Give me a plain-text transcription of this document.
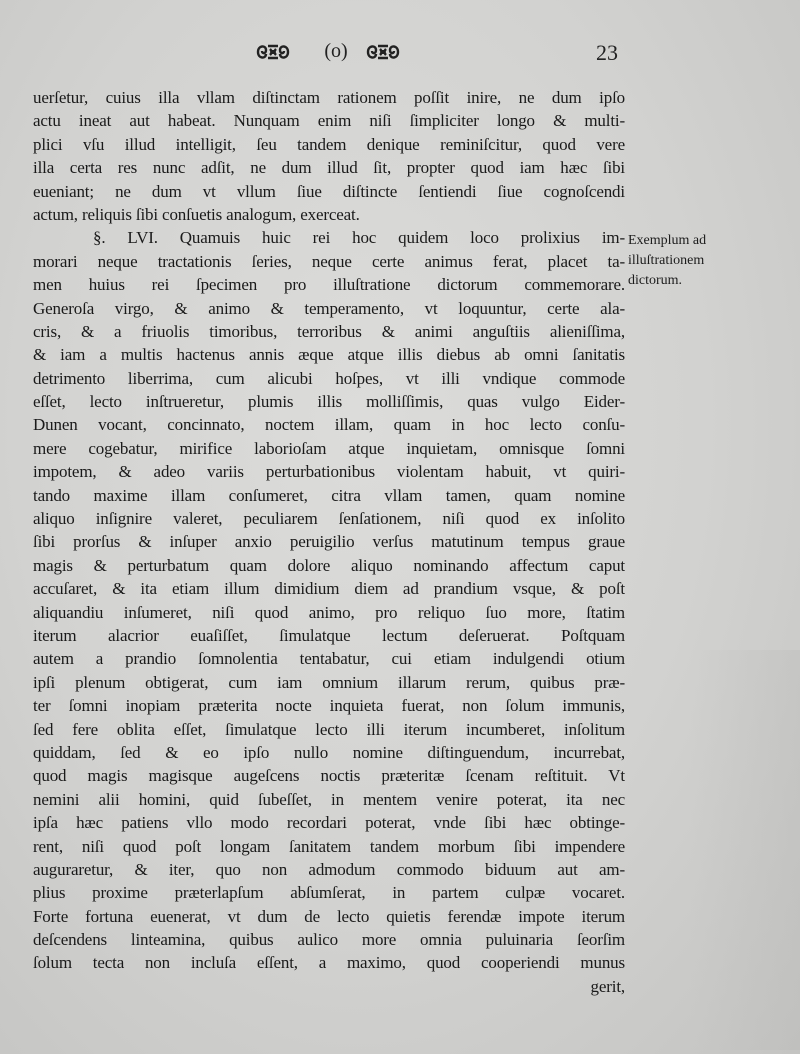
(o)	23
uerſetur, cuius illa vllam diſtinctam rationem poſſit inire, ne dum ipſo
actu ineat aut habeat. Nunquam enim niſi ſimpliciter longo & multi-
plici vſu illud intelligit, ſeu tandem denique reminiſcitur, quod vere
illa certa res nunc adſit, ne dum illud ſit, propter quod iam hæc ſibi
eueniant; ne dum vt vllum ſiue diſtincte ſentiendi ſiue cognoſcendi
actum, reliquis ſibi conſuetis analogum, exerceat.
§. LVI. Quamuis huic rei hoc quidem loco prolixius im-
morari neque tractationis ſeries, neque certe animus ferat, placet ta-
men huius rei ſpecimen pro illuſtratione dictorum commemorare.
Generoſa virgo, & animo & temperamento, vt loquuntur, certe ala-
cris, & a friuolis timoribus, terroribus & animi anguſtiis alieniſſima,
& iam a multis hactenus annis æque atque illis diebus ab omni ſanitatis
detrimento liberrima, cum alicubi hoſpes, vt illi vndique commode
eſſet, lecto inſtrueretur, plumis illis molliſſimis, quas vulgo Eider-
Dunen vocant, concinnato, noctem illam, quam in hoc lecto conſu-
mere cogebatur, mirifice laborioſam atque inquietam, omnisque ſomni
impotem, & adeo variis perturbationibus violentam habuit, vt quiri-
tando maxime illam conſumeret, citra vllam tamen, quam nomine
aliquo inſignire valeret, peculiarem ſenſationem, niſi quod ex inſolito
ſibi prorſus & inſuper anxio peruigilio verſus matutinum tempus graue
magis & perturbatum quam dolore aliquo nominando affectum caput
accuſaret, & ita etiam illum dimidium diem ad prandium vsque, & poſt
aliquandiu inſumeret, niſi quod animo, pro reliquo ſuo more, ſtatim
iterum alacrior euaſiſſet, ſimulatque lectum deſeruerat. Poſtquam
autem a prandio ſomnolentia tentabatur, cui etiam indulgendi otium
ipſi plenum obtigerat, cum iam omnium illarum rerum, quibus præ-
ter ſomni inopiam præterita nocte inquieta fuerat, non ſolum immunis,
ſed fere oblita eſſet, ſimulatque lecto illi iterum incumberet, inſolitum
quiddam, ſed & eo ipſo nullo nomine diſtinguendum, incurrebat,
quod magis magisque augeſcens noctis præteritæ ſcenam reſtituit. Vt
nemini alii homini, quid ſubeſſet, in mentem venire poterat, ita nec
ipſa hæc patiens vllo modo recordari poterat, vnde ſibi hæc obtinge-
rent, niſi quod poſt longam ſanitatem tandem morbum ſibi impendere
auguraretur, & iter, quo non admodum commodo biduum aut am-
plius proxime præterlapſum abſumſerat, in partem culpæ vocaret.
Forte fortuna euenerat, vt dum de lecto quietis ferendæ impote iterum
deſcendens linteamina, quibus aulico more omnia puluinaria ſeorſim
ſolum tecta non incluſa eſſent, a maximo, quod cooperiendi munus
gerit,
Exemplum ad
illuſtrationem
dictorum.
